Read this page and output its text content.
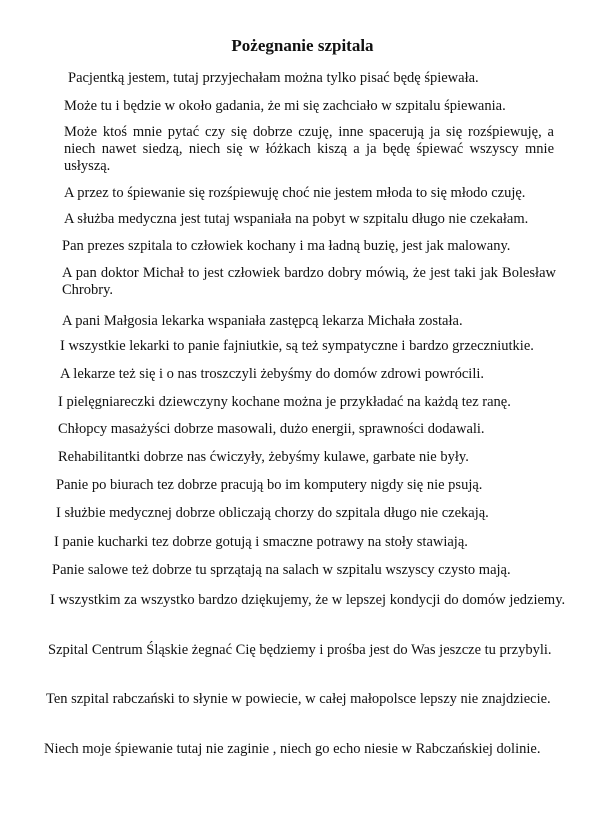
Pożegnanie szpitala

Pacjentką jestem, tutaj przyjechałam można tylko pisać będę śpiewała.

Może tu i będzie w około gadania, że mi się zachciało w szpitalu śpiewania.

Może ktoś mnie pytać czy się dobrze czuję, inne spacerują ja się rozśpiewuję, a niech nawet siedzą, niech się w łóżkach kiszą a ja będę śpiewać wszyscy mnie usłyszą.

A przez to śpiewanie się rozśpiewuję choć nie jestem młoda to się młodo czuję.

A służba medyczna jest tutaj wspaniała na pobyt w szpitalu długo nie czekałam.

Pan prezes szpitala to człowiek kochany i ma ładną buzię, jest jak malowany.

A pan doktor Michał to jest człowiek bardzo dobry mówią, że jest taki jak Bolesław Chrobry.

A pani Małgosia lekarka wspaniała zastępcą lekarza Michała została.

I wszystkie lekarki to panie fajniutkie, są też sympatyczne i bardzo grzeczniutkie.

A lekarze też się i o nas troszczyli żebyśmy do domów zdrowi powrócili.

I pielęgniareczki dziewczyny kochane można je przykładać na każdą tez ranę.

Chłopcy masażyści dobrze masowali, dużo energii, sprawności dodawali.

Rehabilitantki dobrze nas ćwiczyły, żebyśmy kulawe, garbate nie były.

Panie po biurach tez dobrze pracują bo im komputery nigdy się nie psują.

I służbie medycznej dobrze obliczają chorzy do szpitala długo nie czekają.

I panie kucharki tez dobrze gotują i smaczne potrawy na stoły stawiają.

Panie salowe też dobrze tu sprzątają na salach w szpitalu wszyscy czysto mają.

I wszystkim za wszystko bardzo dziękujemy, że w lepszej kondycji do domów jedziemy.

Szpital Centrum Śląskie żegnać Cię będziemy i prośba jest do Was jeszcze tu przybyli.

Ten szpital rabczański to słynie w powiecie, w całej małopolsce lepszy nie znajdziecie.

Niech moje śpiewanie tutaj nie zaginie , niech go echo niesie w Rabczańskiej dolinie.
